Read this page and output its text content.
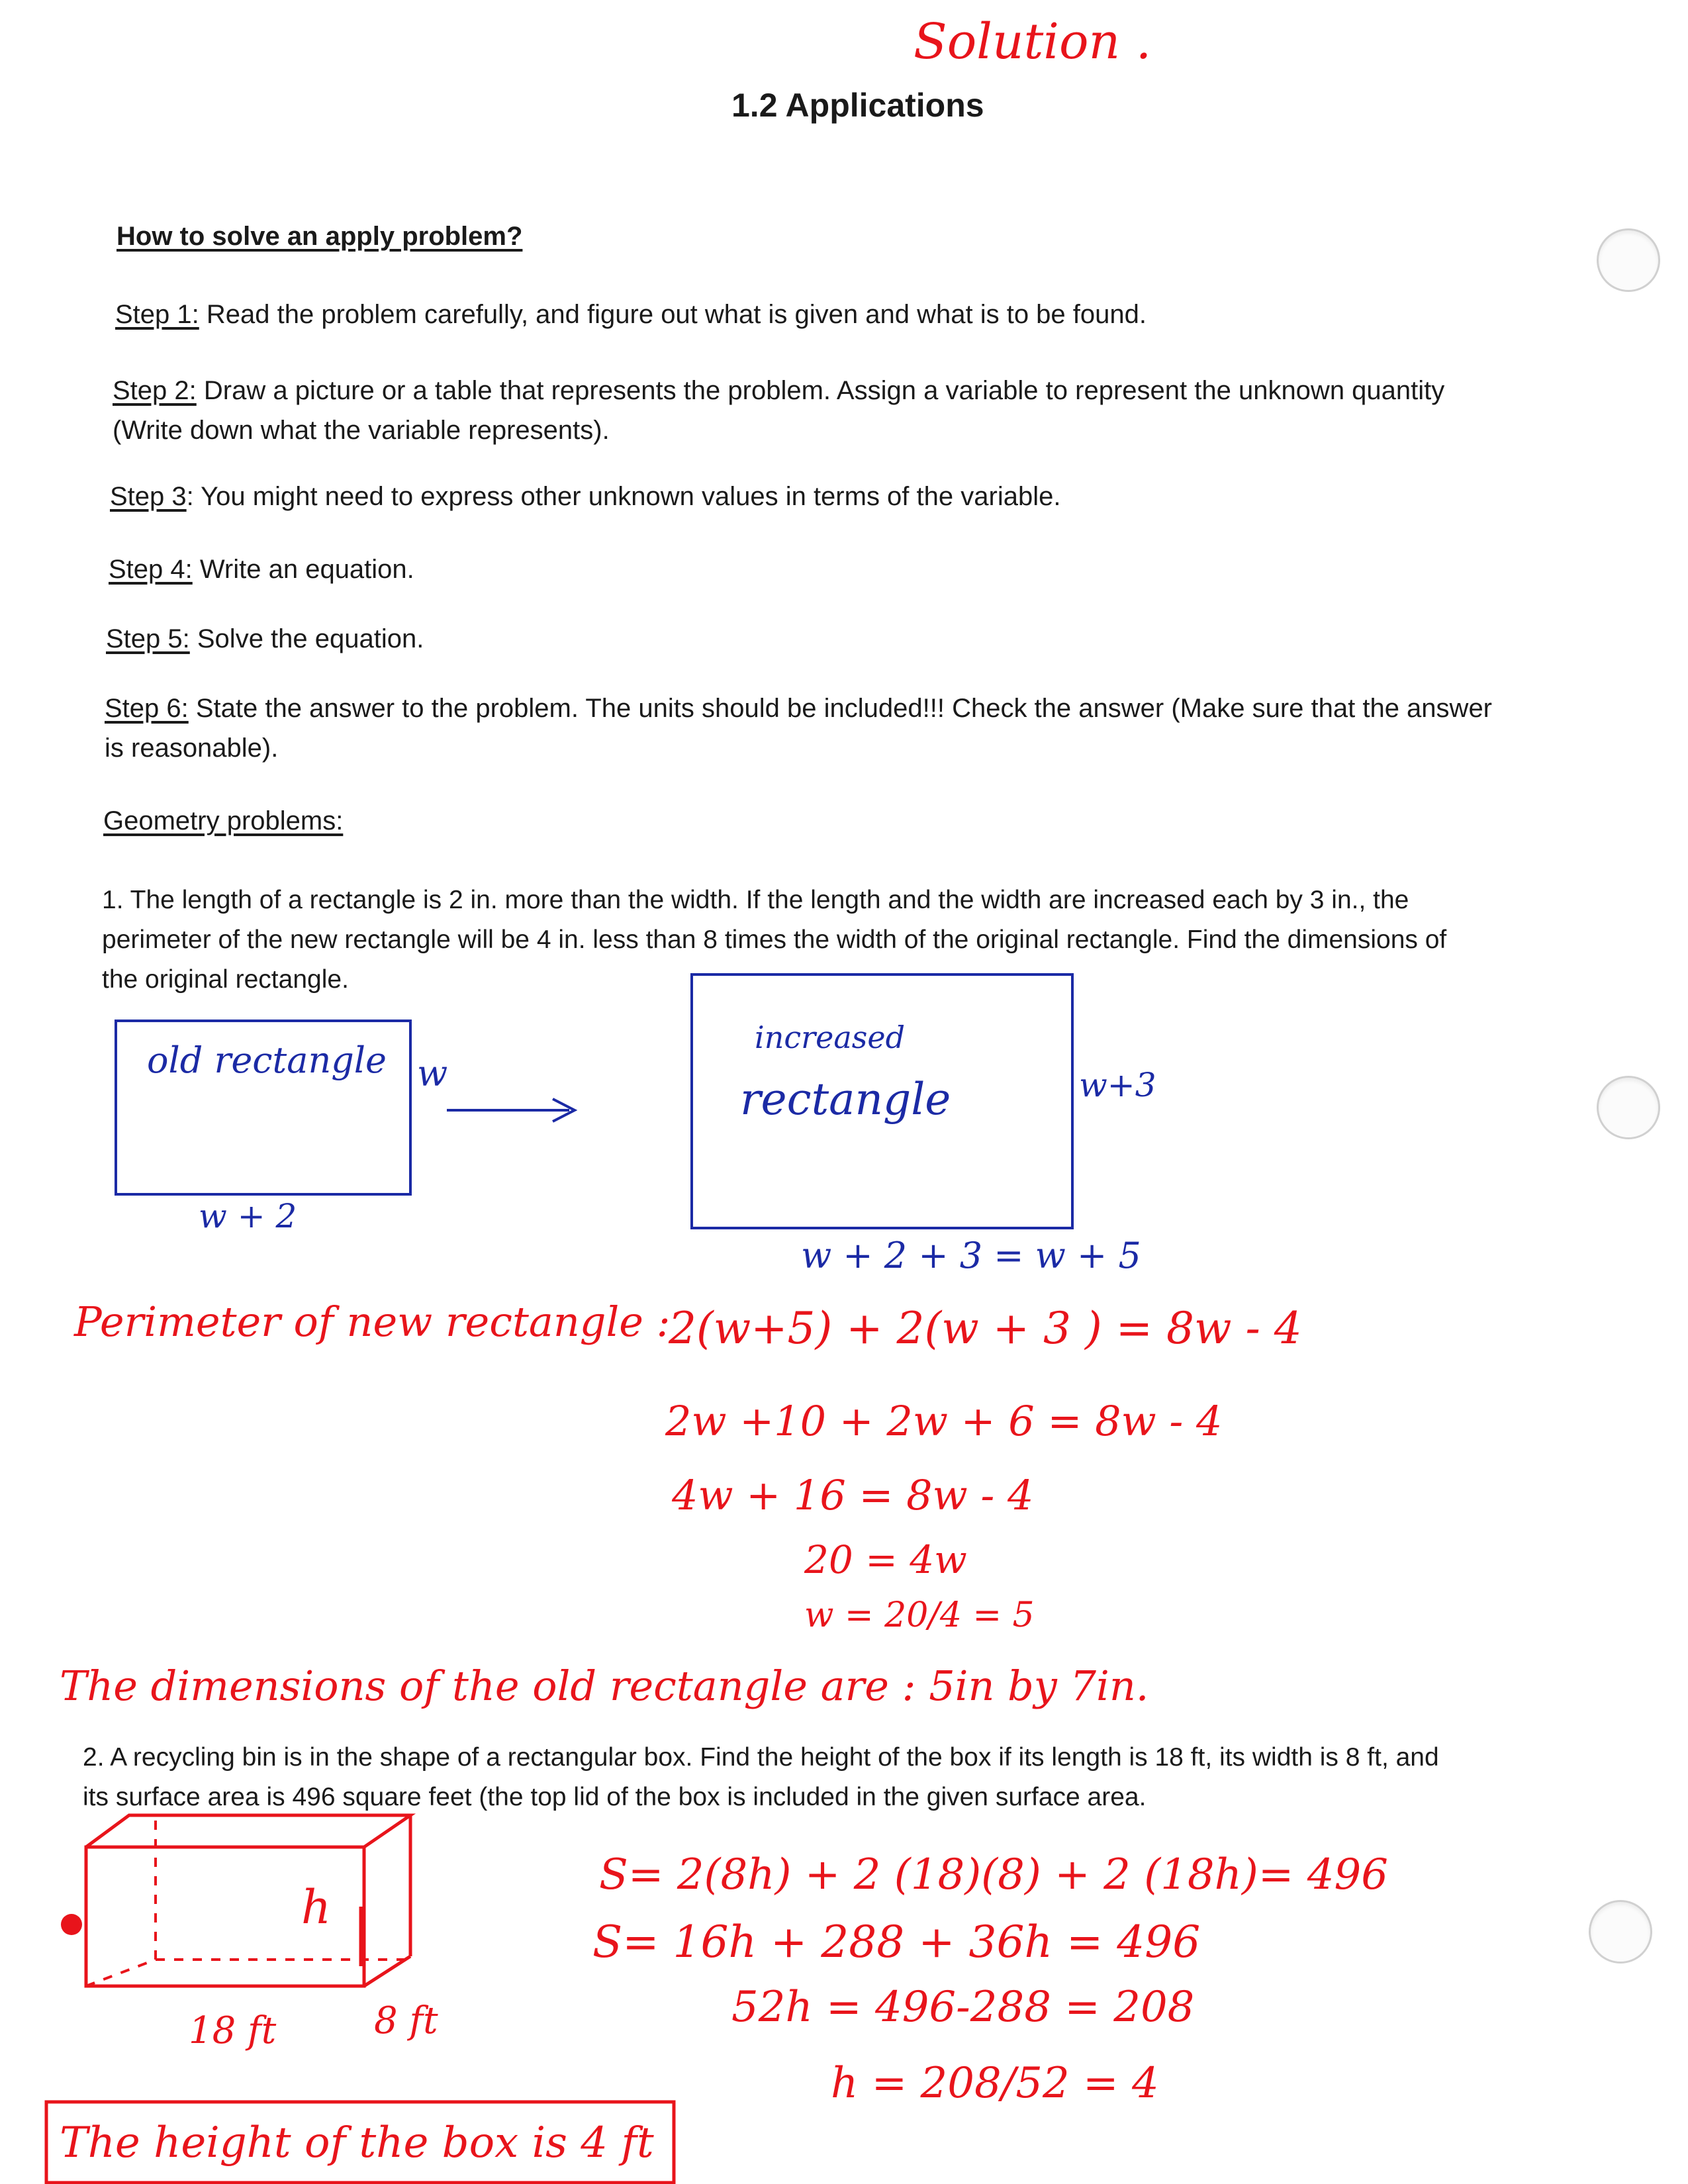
Solution .
1.2 Applications
How to solve an apply problem?
Step 1: Read the problem carefully, and figure out what is given and what is to be found.
Step 2: Draw a picture or a table that represents the problem. Assign a variable to represent the unknown quantity
(Write down what the variable represents).
Step 3: You might need to express other unknown values in terms of the variable.
Step 4: Write an equation.
Step 5: Solve the equation.
Step 6: State the answer to the problem. The units should be included!!! Check the answer (Make sure that the answer
is reasonable).
Geometry problems:
1. The length of a rectangle is 2 in. more than the width. If the length and the width are increased each by 3 in., the
perimeter of the new rectangle will be 4 in. less than 8 times the width of the original rectangle. Find the dimensions of
the original rectangle.
old rectangle w
w + 2
increased
rectangle	w+3
w + 2 + 3 = w + 5
Perimeter of new rectangle :
2(w+5) + 2(w + 3 ) = 8w - 4
2w +10 + 2w + 6 = 8w - 4
4w + 16 = 8w - 4
20 = 4w
w = 20/4 = 5
The dimensions of the old rectangle are : 5in by 7in.
2. A recycling bin is in the shape of a rectangular box. Find the height of the box if its length is 18 ft, its width is 8 ft, and
its surface area is 496 square feet (the top lid of the box is included in the given surface area.
h
18 ft	8 ft
S= 2(8h) + 2 (18)(8) + 2 (18h)= 496
S= 16h + 288 + 36h = 496
52h = 496-288 = 208
h = 208/52 = 4
The height of the box is 4 ft
